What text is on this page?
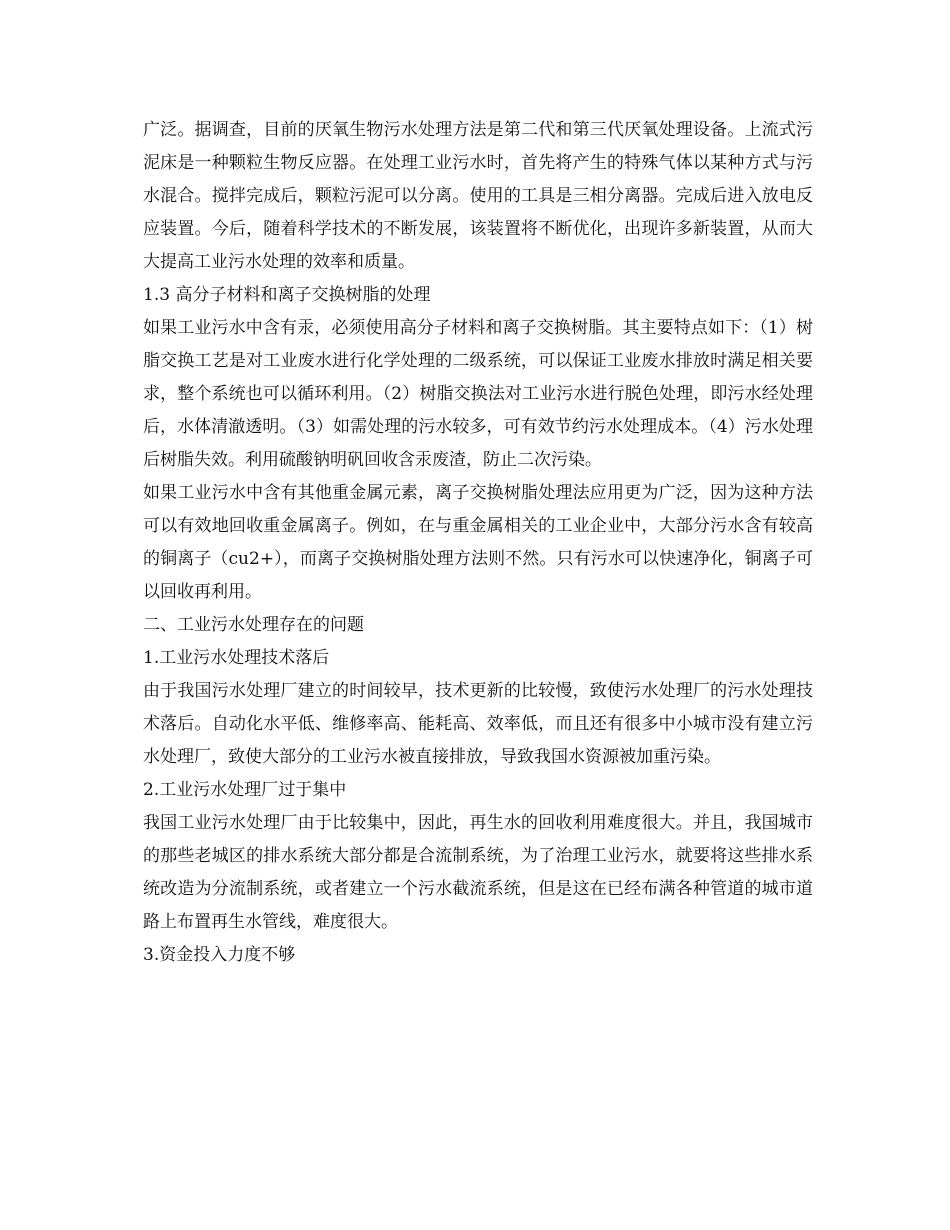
广泛。据调查，目前的厌氧生物污水处理方法是第二代和第三代厌氧处理设备。上流式污泥床是一种颗粒生物反应器。在处理工业污水时，首先将产生的特殊气体以某种方式与污水混合。搅拌完成后，颗粒污泥可以分离。使用的工具是三相分离器。完成后进入放电反应装置。今后，随着科学技术的不断发展，该装置将不断优化，出现许多新装置，从而大大提高工业污水处理的效率和质量。

1.3 高分子材料和离子交换树脂的处理

如果工业污水中含有汞，必须使用高分子材料和离子交换树脂。其主要特点如下：（1）树脂交换工艺是对工业废水进行化学处理的二级系统，可以保证工业废水排放时满足相关要求，整个系统也可以循环利用。（2）树脂交换法对工业污水进行脱色处理，即污水经处理后，水体清澈透明。（3）如需处理的污水较多，可有效节约污水处理成本。（4）污水处理后树脂失效。利用硫酸钠明矾回收含汞废渣，防止二次污染。

如果工业污水中含有其他重金属元素，离子交换树脂处理法应用更为广泛，因为这种方法可以有效地回收重金属离子。例如，在与重金属相关的工业企业中，大部分污水含有较高的铜离子（cu2+），而离子交换树脂处理方法则不然。只有污水可以快速净化，铜离子可以回收再利用。

二、工业污水处理存在的问题

1.工业污水处理技术落后

由于我国污水处理厂建立的时间较早，技术更新的比较慢，致使污水处理厂的污水处理技术落后。自动化水平低、维修率高、能耗高、效率低，而且还有很多中小城市没有建立污水处理厂，致使大部分的工业污水被直接排放，导致我国水资源被加重污染。

2.工业污水处理厂过于集中

我国工业污水处理厂由于比较集中，因此，再生水的回收利用难度很大。并且，我国城市的那些老城区的排水系统大部分都是合流制系统，为了治理工业污水，就要将这些排水系统改造为分流制系统，或者建立一个污水截流系统，但是这在已经布满各种管道的城市道路上布置再生水管线，难度很大。

3.资金投入力度不够
